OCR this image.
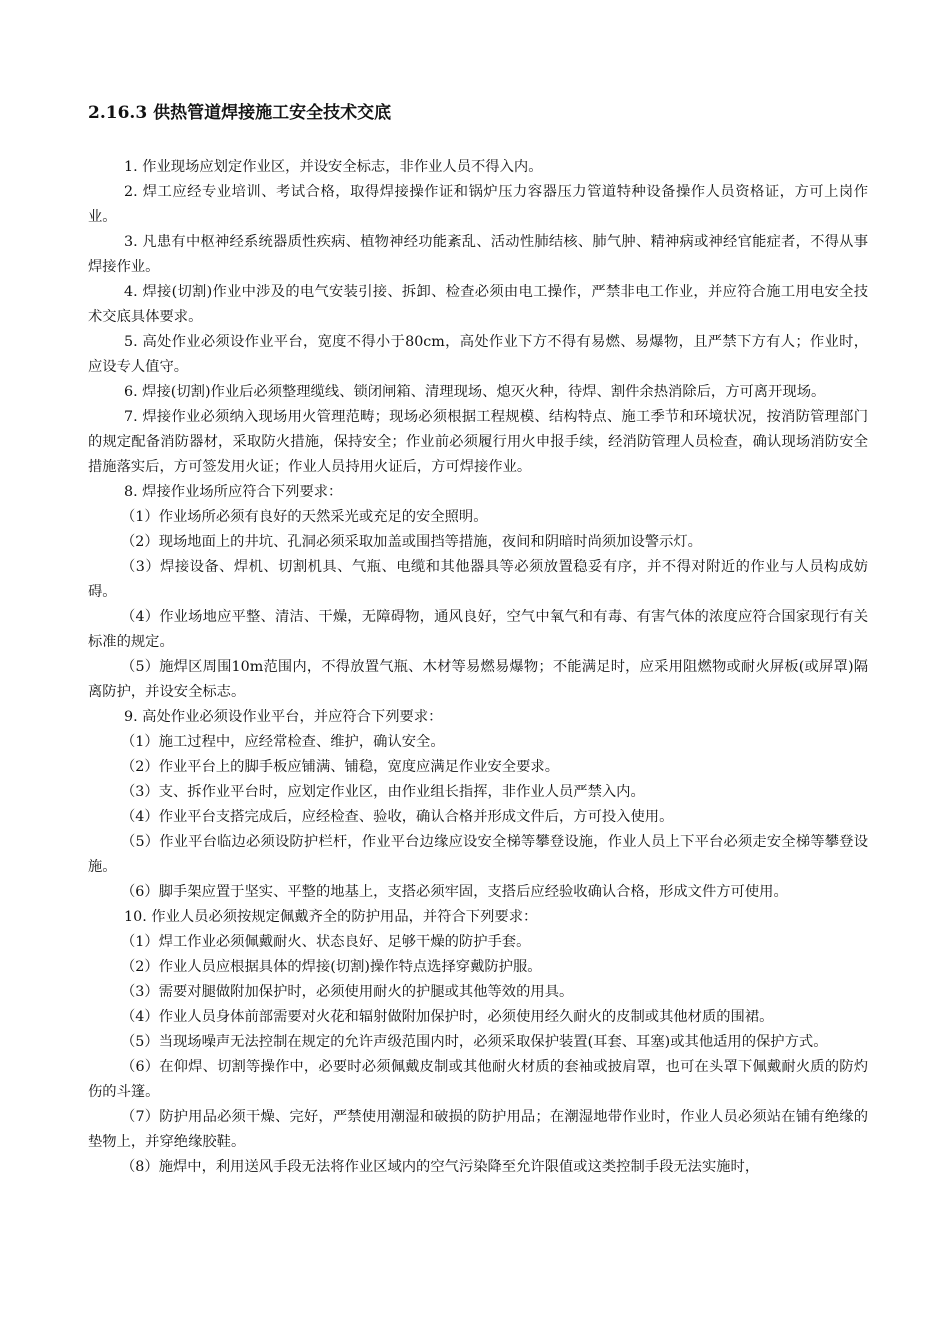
2.16.3 供热管道焊接施工安全技术交底

1. 作业现场应划定作业区，并设安全标志，非作业人员不得入内。

2. 焊工应经专业培训、考试合格，取得焊接操作证和锅炉压力容器压力管道特种设备操作人员资格证，方可上岗作业。

3. 凡患有中枢神经系统器质性疾病、植物神经功能紊乱、活动性肺结核、肺气肿、精神病或神经官能症者，不得从事焊接作业。

4. 焊接(切割)作业中涉及的电气安装引接、拆卸、检查必须由电工操作，严禁非电工作业，并应符合施工用电安全技术交底具体要求。

5. 高处作业必须设作业平台，宽度不得小于80cm，高处作业下方不得有易燃、易爆物，且严禁下方有人；作业时，应设专人值守。

6. 焊接(切割)作业后必须整理缆线、锁闭闸箱、清理现场、熄灭火种，待焊、割件余热消除后，方可离开现场。

7. 焊接作业必须纳入现场用火管理范畴；现场必须根据工程规模、结构特点、施工季节和环境状况，按消防管理部门的规定配备消防器材，采取防火措施，保持安全；作业前必须履行用火申报手续，经消防管理人员检查，确认现场消防安全措施落实后，方可签发用火证；作业人员持用火证后，方可焊接作业。

8. 焊接作业场所应符合下列要求：

（1）作业场所必须有良好的天然采光或充足的安全照明。

（2）现场地面上的井坑、孔洞必须采取加盖或围挡等措施，夜间和阴暗时尚须加设警示灯。

（3）焊接设备、焊机、切割机具、气瓶、电缆和其他器具等必须放置稳妥有序，并不得对附近的作业与人员构成妨碍。

（4）作业场地应平整、清洁、干燥，无障碍物，通风良好，空气中氧气和有毒、有害气体的浓度应符合国家现行有关标准的规定。

（5）施焊区周围10m范围内，不得放置气瓶、木材等易燃易爆物；不能满足时，应采用阻燃物或耐火屏板(或屏罩)隔离防护，并设安全标志。

9. 高处作业必须设作业平台，并应符合下列要求：

（1）施工过程中，应经常检查、维护，确认安全。

（2）作业平台上的脚手板应铺满、铺稳，宽度应满足作业安全要求。

（3）支、拆作业平台时，应划定作业区，由作业组长指挥，非作业人员严禁入内。

（4）作业平台支搭完成后，应经检查、验收，确认合格并形成文件后，方可投入使用。

（5）作业平台临边必须设防护栏杆，作业平台边缘应设安全梯等攀登设施，作业人员上下平台必须走安全梯等攀登设施。

（6）脚手架应置于坚实、平整的地基上，支搭必须牢固，支搭后应经验收确认合格，形成文件方可使用。

10. 作业人员必须按规定佩戴齐全的防护用品，并符合下列要求：

（1）焊工作业必须佩戴耐火、状态良好、足够干燥的防护手套。

（2）作业人员应根据具体的焊接(切割)操作特点选择穿戴防护服。

（3）需要对腿做附加保护时，必须使用耐火的护腿或其他等效的用具。

（4）作业人员身体前部需要对火花和辐射做附加保护时，必须使用经久耐火的皮制或其他材质的围裙。

（5）当现场噪声无法控制在规定的允许声级范围内时，必须采取保护装置(耳套、耳塞)或其他适用的保护方式。

（6）在仰焊、切割等操作中，必要时必须佩戴皮制或其他耐火材质的套袖或披肩罩，也可在头罩下佩戴耐火质的防灼伤的斗篷。

（7）防护用品必须干燥、完好，严禁使用潮湿和破损的防护用品；在潮湿地带作业时，作业人员必须站在铺有绝缘的垫物上，并穿绝缘胶鞋。

（8）施焊中，利用送风手段无法将作业区域内的空气污染降至允许限值或这类控制手段无法实施时，
